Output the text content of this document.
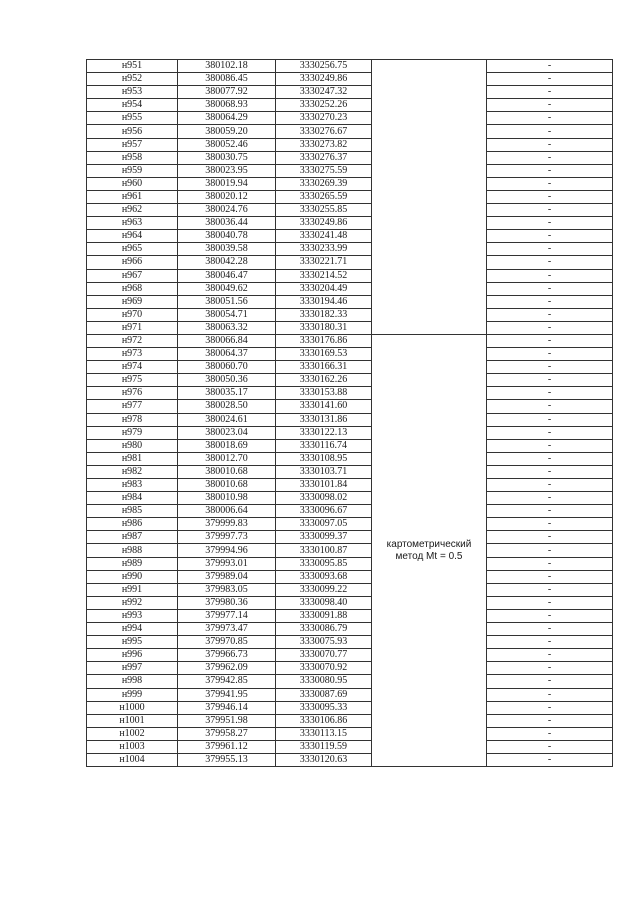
н951	380102.18	3330256.75		-
н952	380086.45	3330249.86		-
н953	380077.92	3330247.32		-
н954	380068.93	3330252.26		-
н955	380064.29	3330270.23		-
н956	380059.20	3330276.67		-
н957	380052.46	3330273.82		-
н958	380030.75	3330276.37		-
н959	380023.95	3330275.59		-
н960	380019.94	3330269.39		-
н961	380020.12	3330265.59		-
н962	380024.76	3330255.85		-
н963	380036.44	3330249.86		-
н964	380040.78	3330241.48		-
н965	380039.58	3330233.99		-
н966	380042.28	3330221.71		-
н967	380046.47	3330214.52		-
н968	380049.62	3330204.49		-
н969	380051.56	3330194.46		-
н970	380054.71	3330182.33		-
н971	380063.32	3330180.31		-
н972	380066.84	3330176.86	картометрический метод Mt = 0.5	-
н973	380064.37	3330169.53		-
н974	380060.70	3330166.31		-
н975	380050.36	3330162.26		-
н976	380035.17	3330153.88		-
н977	380028.50	3330141.60		-
н978	380024.61	3330131.86		-
н979	380023.04	3330122.13		-
н980	380018.69	3330116.74		-
н981	380012.70	3330108.95		-
н982	380010.68	3330103.71		-
н983	380010.68	3330101.84		-
н984	380010.98	3330098.02		-
н985	380006.64	3330096.67		-
н986	379999.83	3330097.05		-
н987	379997.73	3330099.37		-
н988	379994.96	3330100.87		-
н989	379993.01	3330095.85		-
н990	379989.04	3330093.68		-
н991	379983.05	3330099.22		-
н992	379980.36	3330098.40		-
н993	379977.14	3330091.88		-
н994	379973.47	3330086.79		-
н995	379970.85	3330075.93		-
н996	379966.73	3330070.77		-
н997	379962.09	3330070.92		-
н998	379942.85	3330080.95		-
н999	379941.95	3330087.69		-
н1000	379946.14	3330095.33		-
н1001	379951.98	3330106.86		-
н1002	379958.27	3330113.15		-
н1003	379961.12	3330119.59		-
н1004	379955.13	3330120.63		-
